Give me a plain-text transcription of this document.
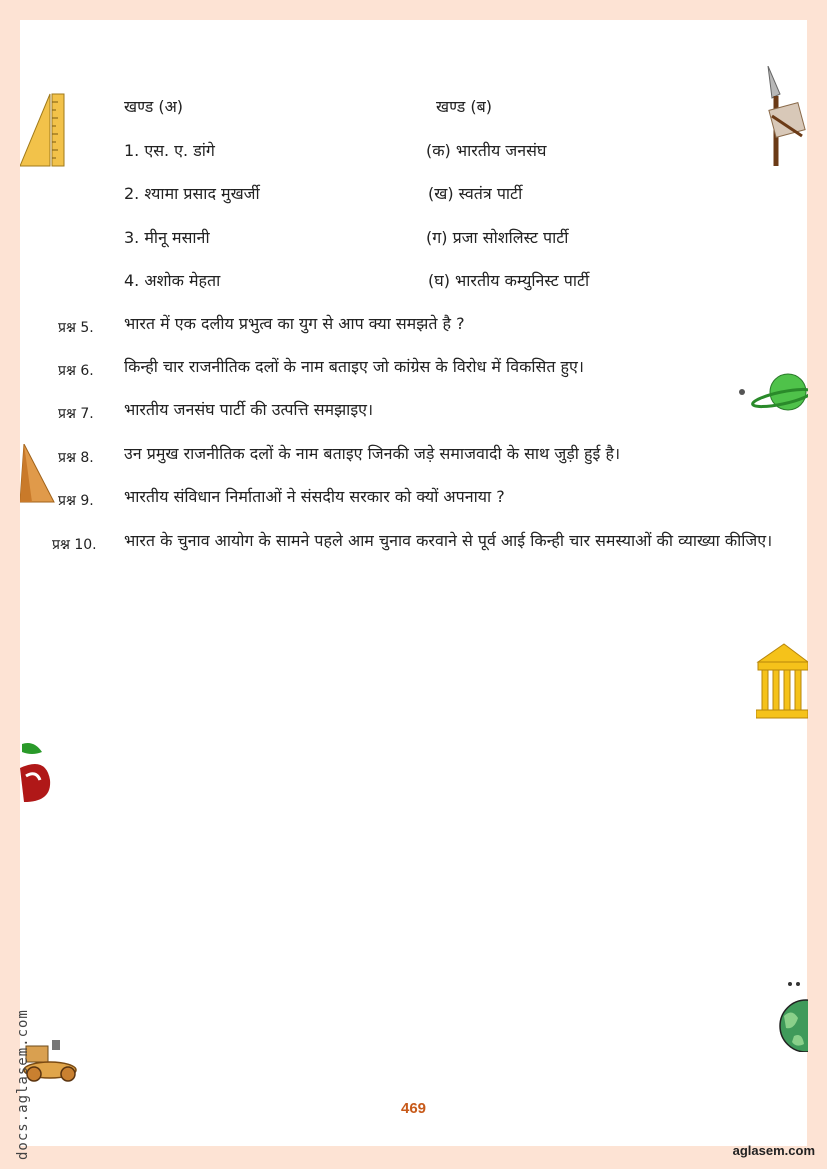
खण्ड (अ)	खण्ड (ब)
1. एस. ए. डांगे	(क) भारतीय जनसंघ
2. श्यामा प्रसाद मुखर्जी	(ख) स्वतंत्र पार्टी
3. मीनू मसानी	(ग) प्रजा सोशलिस्ट पार्टी
4. अशोक मेहता	(घ) भारतीय कम्युनिस्ट पार्टी
प्रश्न 5. भारत में एक दलीय प्रभुत्व का युग से आप क्या समझते है ?
प्रश्न 6. किन्ही चार राजनीतिक दलों के नाम बताइए जो कांग्रेस के विरोध में विकसित हुए।
प्रश्न 7. भारतीय जनसंघ पार्टी की उत्पत्ति समझाइए।
प्रश्न 8. उन प्रमुख राजनीतिक दलों के नाम बताइए जिनकी जड़े समाजवादी के साथ जुड़ी हुई है।
प्रश्न 9. भारतीय संविधान निर्माताओं ने संसदीय सरकार को क्यों अपनाया ?
प्रश्न 10. भारत के चुनाव आयोग के सामने पहले आम चुनाव करवाने से पूर्व आई किन्ही चार समस्याओं की व्याख्या कीजिए।
469
aglasem.com
docs.aglasem.com
